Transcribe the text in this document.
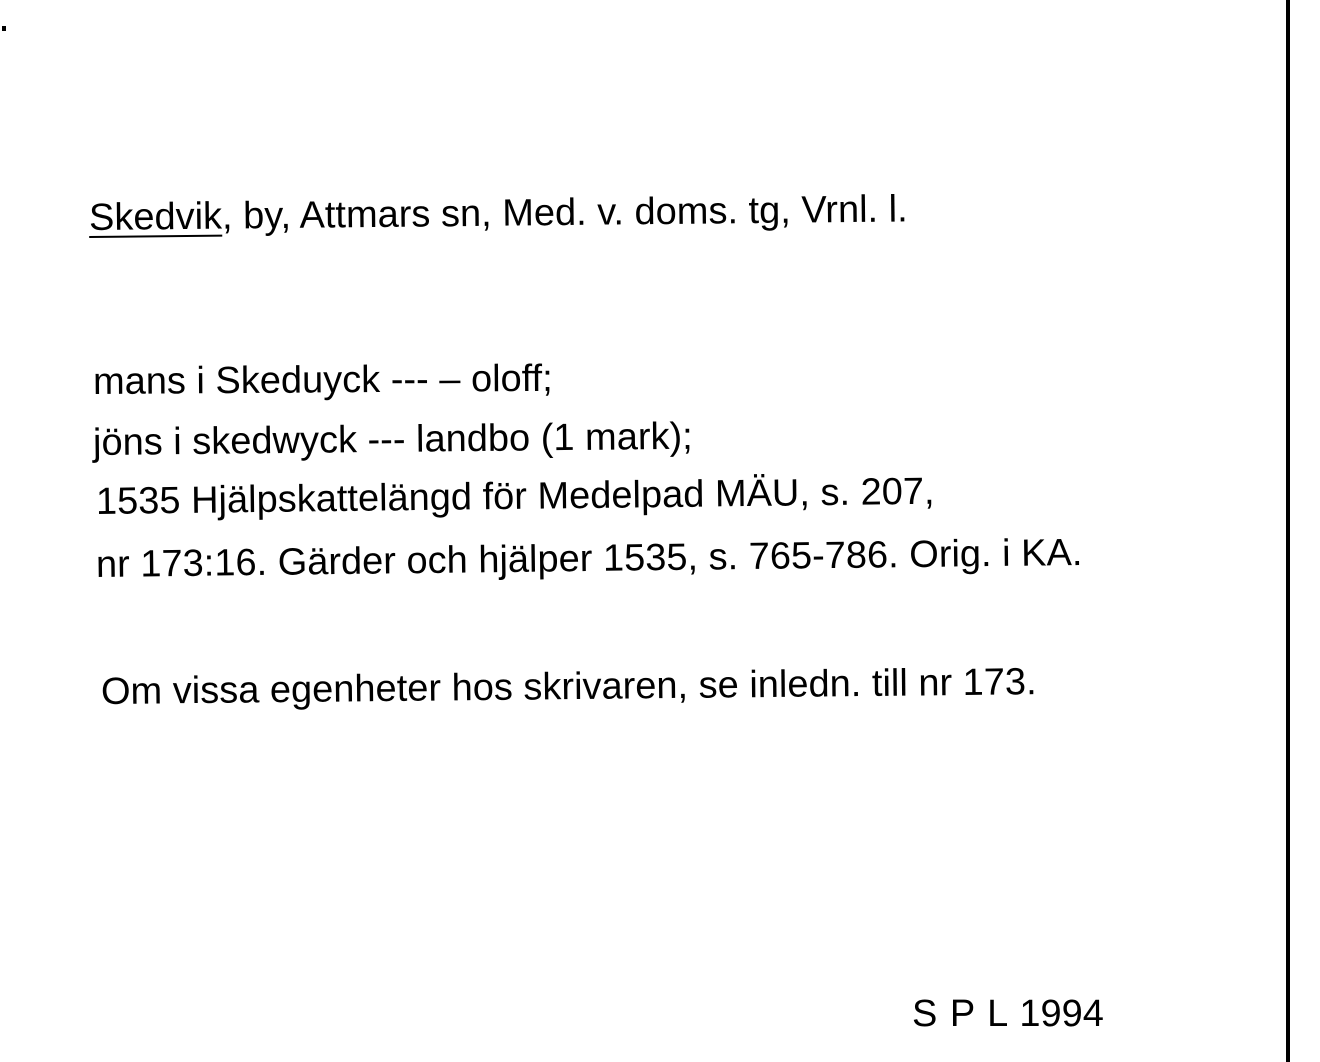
Skedvik, by, Attmars sn, Med. v. doms. tg, Vrnl. l.
mans i Skeduyck --- – oloff;
jöns i skedwyck --- landbo (1 mark);
1535 Hjälpskattelängd för Medelpad MÄU, s. 207,
nr 173:16. Gärder och hjälper 1535, s. 765-786. Orig. i KA.
Om vissa egenheter hos skrivaren, se inledn. till nr 173.
S P L 1994
